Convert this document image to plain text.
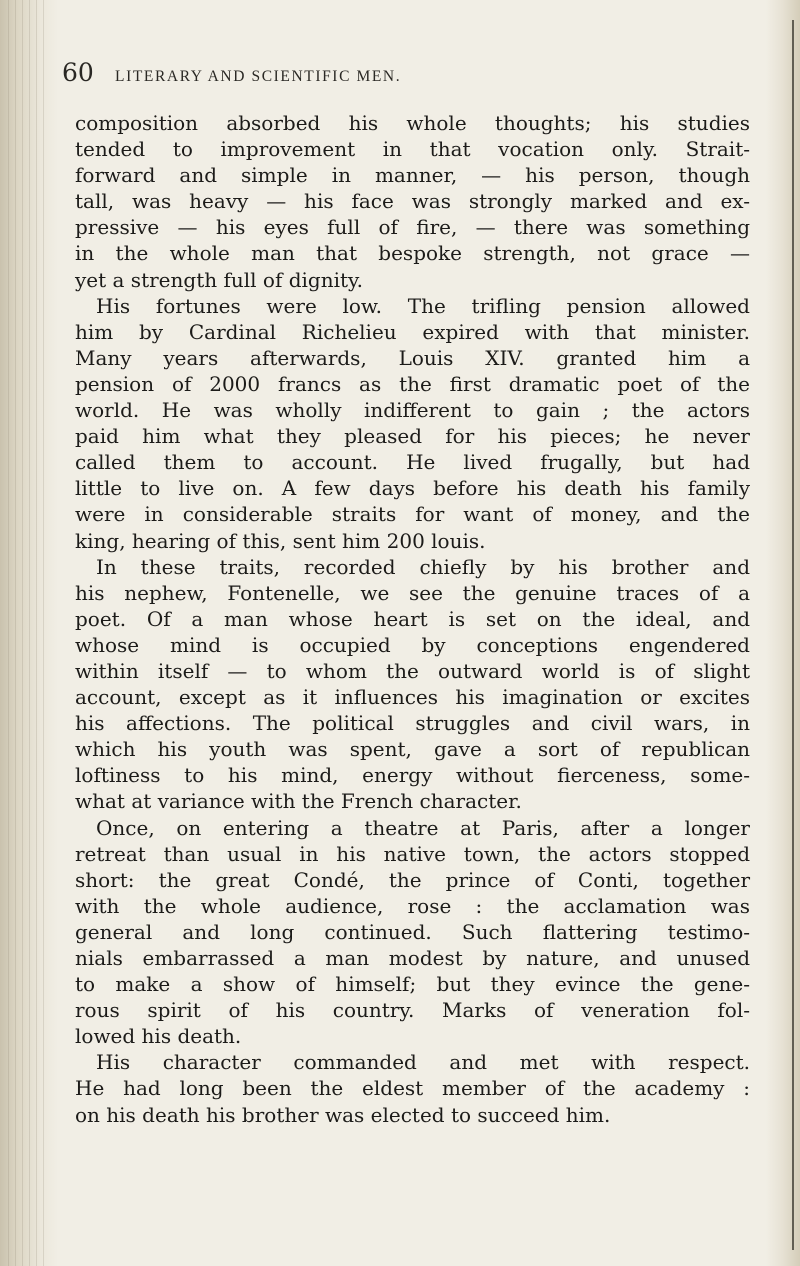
60 LITERARY AND SCIENTIFIC MEN.
composition absorbed his whole thoughts; his studies
tended to improvement in that vocation only. Strait-
forward and simple in manner, — his person, though
tall, was heavy — his face was strongly marked and ex-
pressive — his eyes full of fire, — there was something
in the whole man that bespoke strength, not grace —
yet a strength full of dignity.
His fortunes were low. The trifling pension allowed
him by Cardinal Richelieu expired with that minister.
Many years afterwards, Louis XIV. granted him a
pension of 2000 francs as the first dramatic poet of the
world. He was wholly indifferent to gain ; the actors
paid him what they pleased for his pieces; he never
called them to account. He lived frugally, but had
little to live on. A few days before his death his family
were in considerable straits for want of money, and the
king, hearing of this, sent him 200 louis.
In these traits, recorded chiefly by his brother and
his nephew, Fontenelle, we see the genuine traces of a
poet. Of a man whose heart is set on the ideal, and
whose mind is occupied by conceptions engendered
within itself — to whom the outward world is of slight
account, except as it influences his imagination or excites
his affections. The political struggles and civil wars, in
which his youth was spent, gave a sort of republican
loftiness to his mind, energy without fierceness, some-
what at variance with the French character.
Once, on entering a theatre at Paris, after a longer
retreat than usual in his native town, the actors stopped
short: the great Condé, the prince of Conti, together
with the whole audience, rose : the acclamation was
general and long continued. Such flattering testimo-
nials embarrassed a man modest by nature, and unused
to make a show of himself; but they evince the gene-
rous spirit of his country. Marks of veneration fol-
lowed his death.
His character commanded and met with respect.
He had long been the eldest member of the academy :
on his death his brother was elected to succeed him.
